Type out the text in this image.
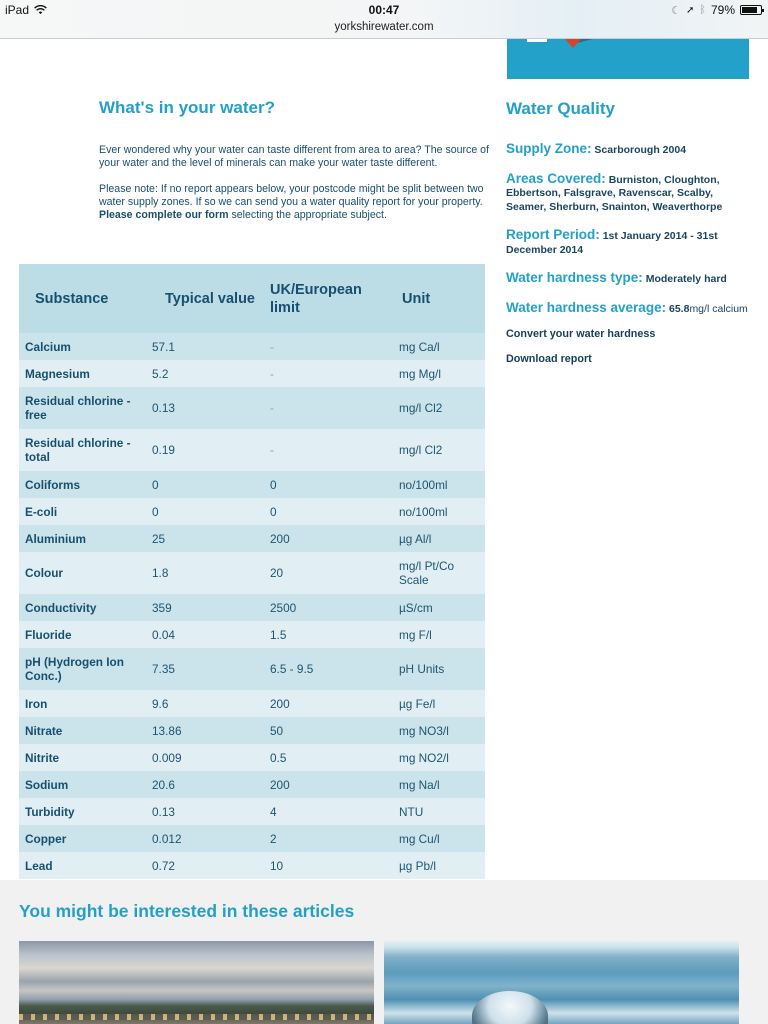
iPad	00:47
yorkshirewater.com
☾ ➚ ᛒ 79%
What's in your water?

Ever wondered why your water can taste different from area to area? The source of your water and the level of minerals can make your water taste different.

Please note: If no report appears below, your postcode might be split between two water supply zones. If so we can send you a water quality report for your property. Please complete our form selecting the appropriate subject.

Water Quality
Supply Zone: Scarborough 2004
Areas Covered: Burniston, Cloughton, Ebbertson, Falsgrave, Ravenscar, Scalby, Seamer, Sherburn, Snainton, Weaverthorpe
Report Period: 1st January 2014 - 31st December 2014
Water hardness type: Moderately hard
Water hardness average: 65.8mg/l calcium
Convert your water hardness
Download report
Substance	Typical value	UK/European limit	Unit
Calcium	57.1	-	mg Ca/l
Magnesium	5.2	-	mg Mg/l
Residual chlorine - free	0.13	-	mg/l Cl2
Residual chlorine - total	0.19	-	mg/l Cl2
Coliforms	0	0	no/100ml
E-coli	0	0	no/100ml
Aluminium	25	200	µg Al/l
Colour	1.8	20	mg/l Pt/Co Scale
Conductivity	359	2500	µS/cm
Fluoride	0.04	1.5	mg F/l
pH (Hydrogen Ion Conc.)	7.35	6.5 - 9.5	pH Units
Iron	9.6	200	µg Fe/l
Nitrate	13.86	50	mg NO3/l
Nitrite	0.009	0.5	mg NO2/l
Sodium	20.6	200	mg Na/l
Turbidity	0.13	4	NTU
Copper	0.012	2	mg Cu/l
Lead	0.72	10	µg Pb/l
You might be interested in these articles
